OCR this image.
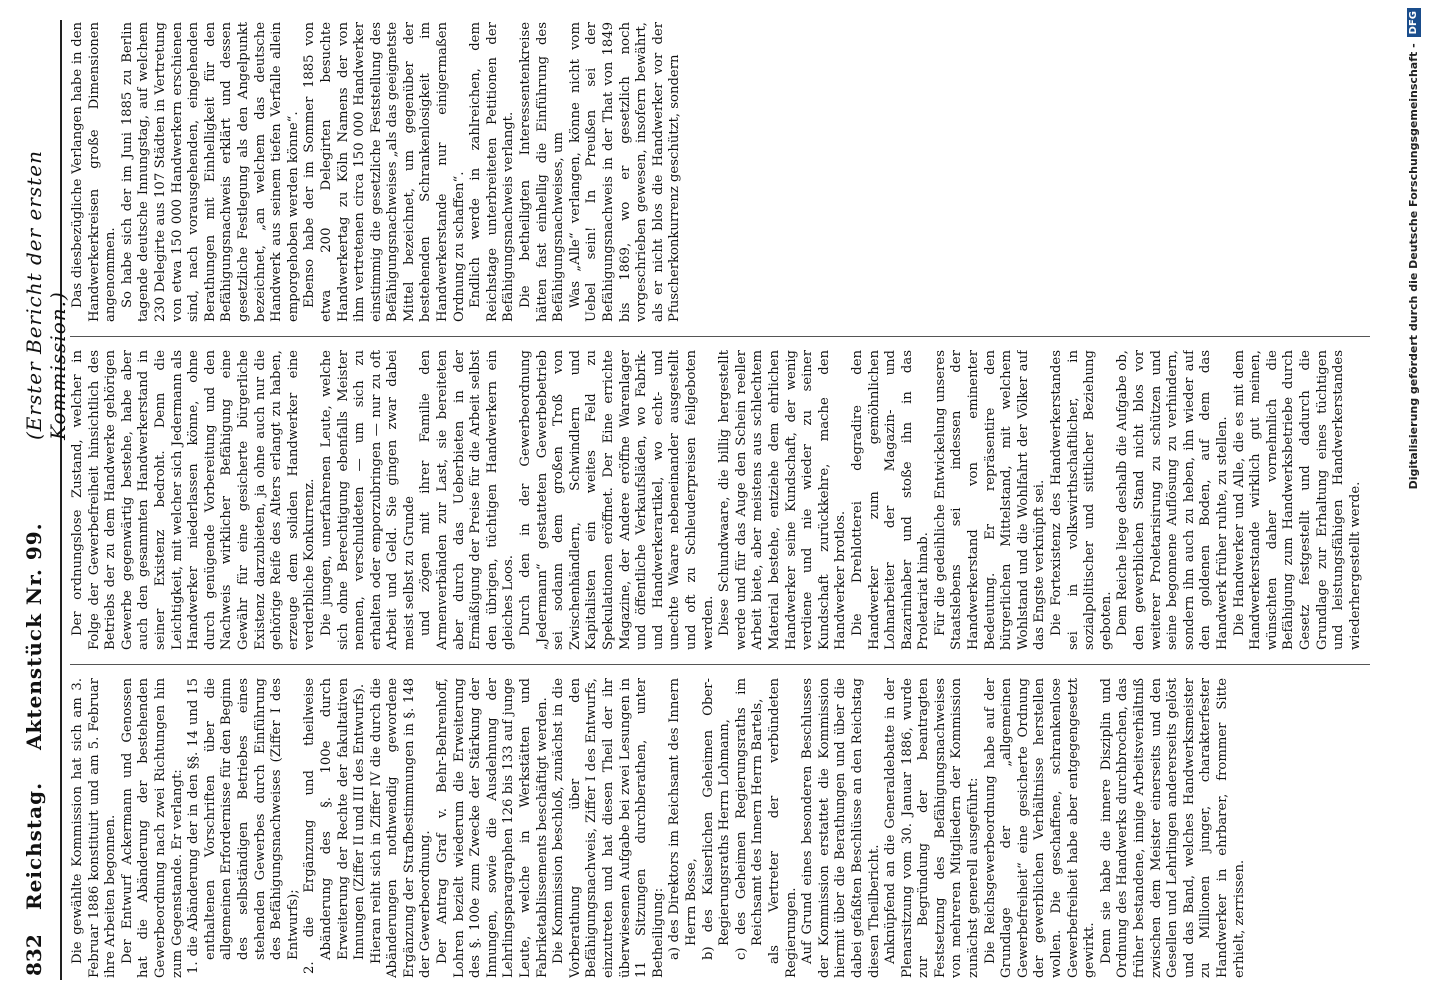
832
Reichstag.
Aktenstück Nr. 99.
(Erster Bericht der ersten Kommission.)

Die gewählte Kommission hat sich am 3. Februar 1886 konstituirt und am 5. Februar ihre Arbeiten begonnen. Der Entwurf Ackermann und Genossen hat die Abänderung der bestehenden Gewerbeordnung nach zwei Richtungen hin zum Gegenstande. Er verlangt: 1. die Abänderung der in den §§. 14 und 15 enthaltenen Vorschriften über die allgemeinen Erfordernisse für den Beginn des selbständigen Betriebes eines stehenden Gewerbes durch Einführung des Befähigungsnachweises (Ziffer I des Entwurfs); 2. die Ergänzung und theilweise Abänderung des §. 100e durch Erweiterung der Rechte der fakultativen Innungen (Ziffer II und III des Entwurfs). Hieran reiht sich in Ziffer IV die durch die Abänderungen nothwendig gewordene Ergänzung der Strafbestimmungen in §. 148 der Gewerbeordnung. Der Antrag Graf v. Behr-Behrenhoff, Lohren bezielt wiederum die Erweiterung des §. 100e zum Zwecke der Stärkung der Innungen, sowie die Ausdehnung der Lehrlingsparagraphen 126 bis 133 auf junge Leute, welche in Werkstätten und Fabriketablissements beschäftigt werden. Die Kommission beschloß, zunächst in die Vorberathung über den Befähigungsnachweis, Ziffer I des Entwurfs, einzutreten und hat diesen Theil der ihr überwiesenen Aufgabe bei zwei Lesungen in 11 Sitzungen durchberathen, unter Betheiligung: a) des Direktors im Reichsamt des Innern Herrn Bosse, b) des Kaiserlichen Geheimen Ober-Regierungsraths Herrn Lohmann, c) des Geheimen Regierungsraths im Reichsamt des Innern Herrn Bartels, als Vertreter der verbündeten Regierungen. Auf Grund eines besonderen Beschlusses der Kommission erstattet die Kommission hiermit über die Berathungen und über die dabei gefaßten Beschlüsse an den Reichstag diesen Theilbericht. Anknüpfend an die Generaldebatte in der Plenarsitzung vom 30. Januar 1886, wurde zur Begründung der beantragten Festsetzung des Befähigungsnachweises von mehreren Mitgliedern der Kommission zunächst generell ausgeführt: Die Reichsgewerbeordnung habe auf der Grundlage der „allgemeinen Gewerbefreiheit“ eine gesicherte Ordnung der gewerblichen Verhältnisse herstellen wollen. Die geschaffene, schrankenlose Gewerbefreiheit habe aber entgegengesetzt gewirkt. Denn sie habe die innere Disziplin und Ordnung des Handwerks durchbrochen, das früher bestandene, innige Arbeitsverhältniß zwischen dem Meister einerseits und den Gesellen und Lehrlingen andererseits gelöst und das Band, welches Handwerksmeister zu Millionen junger, charakterfester Handwerker in ehrbarer, frommer Sitte erhielt, zerrissen.

Der ordnungslose Zustand, welcher in Folge der Gewerbefreiheit hinsichtlich des Betriebs der zu dem Handwerke gehörigen Gewerbe gegenwärtig bestehe, habe aber auch den gesammten Handwerkerstand in seiner Existenz bedroht. Denn die Leichtigkeit, mit welcher sich Jedermann als Handwerker niederlassen könne, ohne durch genügende Vorbereitung und den Nachweis wirklicher Befähigung eine Gewähr für eine gesicherte bürgerliche Existenz darzubieten, ja ohne auch nur die gehörige Reife des Alters erlangt zu haben, erzeuge dem soliden Handwerker eine verderbliche Konkurrenz. Die jungen, unerfahrenen Leute, welche sich ohne Berechtigung ebenfalls Meister nennen, verschuldeten — um sich zu erhalten oder emporzubringen — nur zu oft Arbeit und Geld. Sie gingen zwar dabei meist selbst zu Grunde und zögen mit ihrer Familie den Armenverbänden zur Last, sie bereiteten aber durch das Ueberbieten in der Ermäßigung der Preise für die Arbeit selbst den übrigen, tüchtigen Handwerkern ein gleiches Loos. Durch den in der Gewerbeordnung „Jedermann“ gestatteten Gewerbebetrieb sei sodann dem großen Troß von Zwischenhändlern, Schwindlern und Kapitalisten ein weites Feld zu Spekulationen eröffnet. Der Eine errichte Magazine, der Andere eröffne Warenlager und öffentliche Verkaufsläden, wo Fabrik- und Handwerkerartikel, wo echt- und unechte Waare nebeneinander ausgestellt und oft zu Schleuderpreisen feilgeboten werden. Diese Schundwaare, die billig hergestellt werde und für das Auge den Schein reeller Arbeit biete, aber meistens aus schlechtem Material bestehe, entziehe dem ehrlichen Handwerker seine Kundschaft, der wenig verdiene und nie wieder zu seiner Kundschaft zurückkehre, mache den Handwerker brotlos. Die Drehlotterei degradire den Handwerker zum gemöhnlichen Lohnarbeiter der Magazin- und Bazarinhaber und stoße ihn in das Proletariat hinab. Für die gedeihliche Entwickelung unseres Staatslebens sei indessen der Handwerkerstand von eminenter Bedeutung. Er repräsentire den bürgerlichen Mittelstand, mit welchem Wohlstand und die Wohlfahrt der Völker auf das Engste verknüpft sei. Die Fortexistenz des Handwerkerstandes sei in volkswirthschaftlicher, in sozialpolitischer und sittlicher Beziehung geboten. Dem Reiche liege deshalb die Aufgabe ob, den gewerblichen Stand nicht blos vor weiterer Proletarisirung zu schützen und seine begonnene Auflösung zu verhindern, sondern ihn auch zu heben, ihn wieder auf den goldenen Boden, auf dem das Handwerk früher ruhte, zu stellen. Die Handwerker und Alle, die es mit dem Handwerkerstande wirklich gut meinen, wünschten daher vornehmlich die Befähigung zum Handwerksbetriebe durch Gesetz festgestellt und dadurch die Grundlage zur Erhaltung eines tüchtigen und leistungsfähigen Handwerkerstandes wiederhergestellt werde.

Das diesbezügliche Verlangen habe in den Handwerkerkreisen große Dimensionen angenommen. So habe sich der im Juni 1885 zu Berlin tagende deutsche Innungstag, auf welchem 230 Delegirte aus 107 Städten in Vertretung von etwa 150 000 Handwerkern erschienen sind, nach vorausgehenden, eingehenden Berathungen mit Einhelligkeit für den Befähigungsnachweis erklärt und dessen gesetzliche Festlegung als den Angelpunkt bezeichnet, „an welchem das deutsche Handwerk aus seinem tiefen Verfalle allein emporgehoben werden könne“. Ebenso habe der im Sommer 1885 von etwa 200 Delegirten besuchte Handwerkertag zu Köln Namens der von ihm vertretenen circa 150 000 Handwerker einstimmig die gesetzliche Feststellung des Befähigungsnachweises „als das geeignetste Mittel bezeichnet, um gegenüber der bestehenden Schrankenlosigkeit im Handwerkerstande nur einigermaßen Ordnung zu schaffen“. Endlich werde in zahlreichen, dem Reichstage unterbreiteten Petitionen der Befähigungsnachweis verlangt. Die betheiligten Interessentenkreise hätten fast einhellig die Einführung des Befähigungsnachweises, um Was „Alle“ verlangen, könne nicht vom Uebel sein! In Preußen sei der Befähigungsnachweis in der That von 1849 bis 1869, wo er gesetzlich noch vorgeschrieben gewesen, insofern bewährt, als er nicht blos die Handwerker vor der Pfuscherkonkurrenz geschützt, sondern	Digitalisierung gefördert durch die Deutsche Forschungsgemeinschaft -DFG
